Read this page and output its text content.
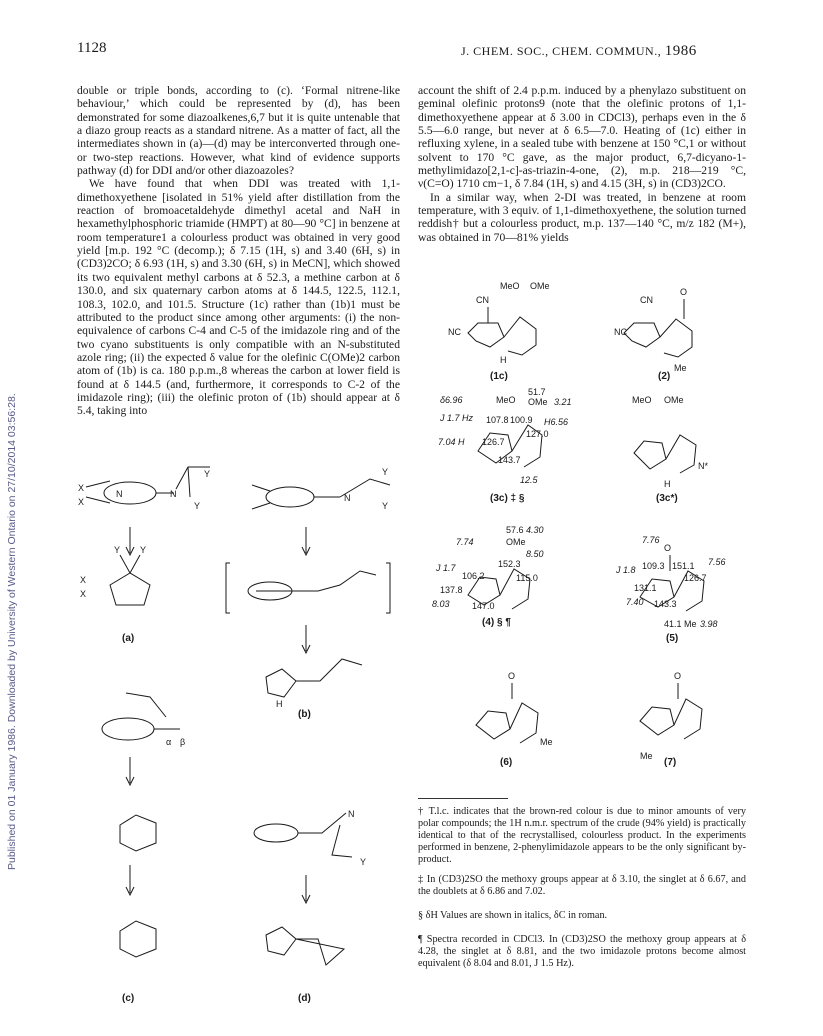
Published on 01 January 1986. Downloaded by University of Western Ontario on 27/10/2014 03:56:28.
1128	J. CHEM. SOC., CHEM. COMMUN., 1986

double or triple bonds, according to (c). ‘Formal nitrene-like behaviour,’ which could be represented by (d), has been demonstrated for some diazoalkenes,6,7 but it is quite untenable that a diazo group reacts as a standard nitrene. As a matter of fact, all the intermediates shown in (a)—(d) may be interconverted through one- or two-step reactions. However, what kind of evidence supports pathway (d) for DDI and/or other diazoazoles?

We have found that when DDI was treated with 1,1-dimethoxyethene [isolated in 51% yield after distillation from the reaction of bromoacetaldehyde dimethyl acetal and NaH in hexamethylphosphoric triamide (HMPT) at 80—90 °C] in benzene at room temperature1 a colourless product was obtained in very good yield [m.p. 192 °C (decomp.); δ 7.15 (1H, s) and 3.40 (6H, s) in (CD3)2CO; δ 6.93 (1H, s) and 3.30 (6H, s) in MeCN], which showed its two equivalent methyl carbons at δ 52.3, a methine carbon at δ 130.0, and six quaternary carbon atoms at δ 144.5, 122.5, 112.1, 108.3, 102.0, and 101.5. Structure (1c) rather than (1b)1 must be attributed to the product since among other arguments: (i) the non-equivalence of carbons C-4 and C-5 of the imidazole ring and of the two cyano substituents is only compatible with an N-substituted azole ring; (ii) the expected δ value for the olefinic C(OMe)2 carbon atom of (1b) is ca. 180 p.p.m.,8 whereas the carbon at lower field is found at δ 144.5 (and, furthermore, it corresponds to C-2 of the imidazole ring); (iii) the olefinic proton of (1b) should appear at δ 5.4, taking into

account the shift of 2.4 p.p.m. induced by a phenylazo substituent on geminal olefinic protons9 (note that the olefinic protons of 1,1-dimethoxyethene appear at δ 3.00 in CDCl3), perhaps even in the δ 5.5—6.0 range, but never at δ 6.5—7.0. Heating of (1c) either in refluxing xylene, in a sealed tube with benzene at 150 °C,1 or without solvent to 170 °C gave, as the major product, 6,7-dicyano-1-methylimidazo[2,1-c]-as-triazin-4-one, (2), m.p. 218—219 °C, ν(C=O) 1710 cm−1, δ 7.84 (1H, s) and 4.15 (3H, s) in (CD3)2CO.

In a similar way, when 2-DI was treated, in benzene at room temperature, with 3 equiv. of 1,1-dimethoxyethene, the solution turned reddish† but a colourless product, m.p. 137—140 °C, m/z 182 (M+), was obtained in 70—81% yields

X
X
N	N
Y
Y
Y Y
X
X
(a)
N
Y
Y
H
(b)
α β
(c)
N
Y
(d)
MeO OMe
CN
NC
H
(1c)
O
CN
NC
Me
(2)
δ6.96	MeO
51.7
OMe 3.21
J 1.7 Hz 107.8 100.9 H6.56
7.04 H 126.7
127.0
143.7
12.5
(3c) ‡ §
MeO OMe
N*
H
(3c*)
57.6 4.30
7.74	OMe
8.50
J 1.7	152.3
106.2	115.0
137.8
8.03 147.0
(4) § ¶
7.76
O
7.56
J 1.8 109.3 151.1
126.7
131.1
7.40 143.3
41.1 Me 3.98
(5)
O
Me
(6)
O
Me
(7)

† T.l.c. indicates that the brown-red colour is due to minor amounts of very polar compounds; the 1H n.m.r. spectrum of the crude (94% yield) is practically identical to that of the recrystallised, colourless product. In the experiments performed in benzene, 2-phenylimidazole appears to be the only significant by-product.

‡ In (CD3)2SO the methoxy groups appear at δ 3.10, the singlet at δ 6.67, and the doublets at δ 6.86 and 7.02.

§ δH Values are shown in italics, δC in roman.

¶ Spectra recorded in CDCl3. In (CD3)2SO the methoxy group appears at δ 4.28, the singlet at δ 8.81, and the two imidazole protons become almost equivalent (δ 8.04 and 8.01, J 1.5 Hz).
